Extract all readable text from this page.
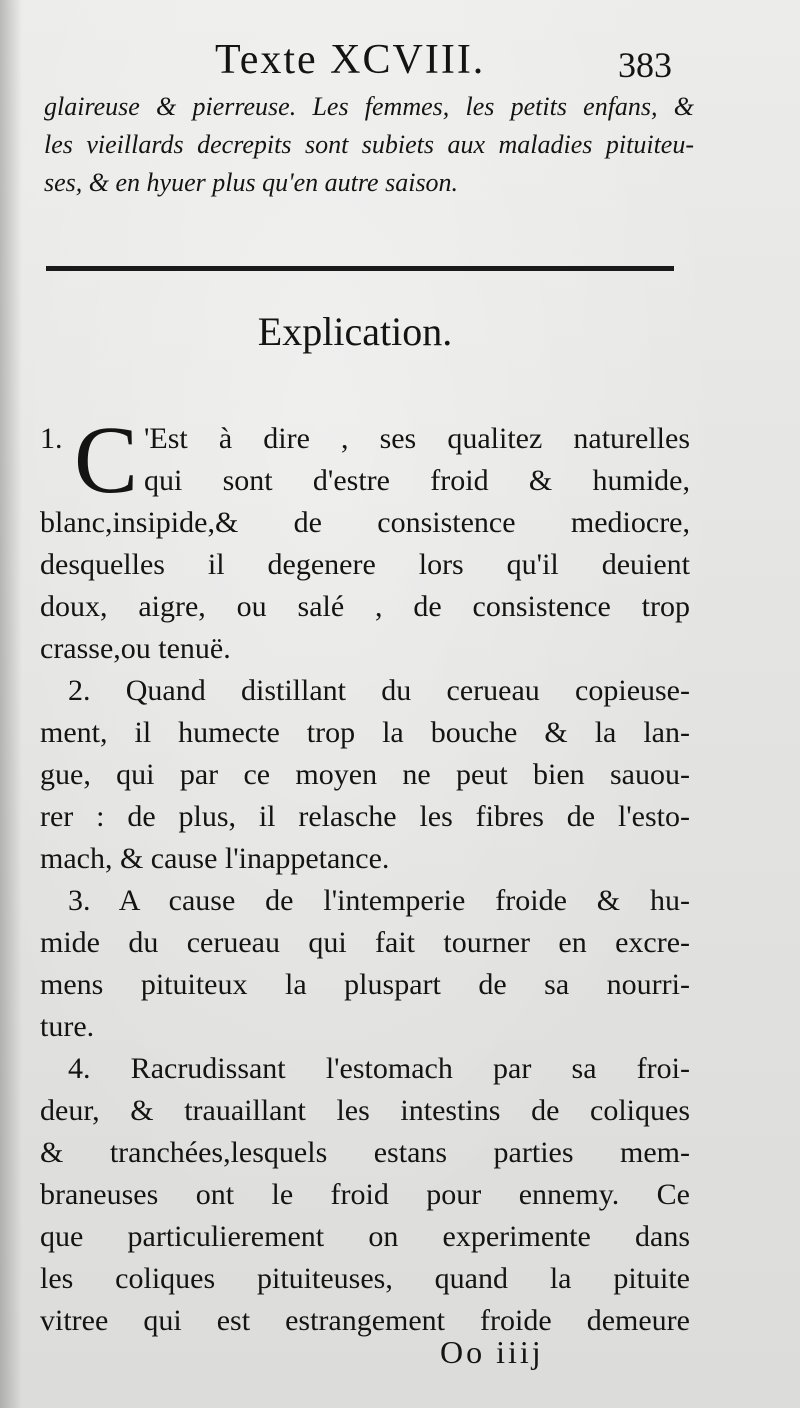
Texte XCVIII.	383
glaireuse & pierreuse. Les femmes, les petits enfans, &
les vieillards decrepits sont subiets aux maladies pituiteu-
ses, & en hyuer plus qu'en autre saison.
Explication.
1. C 'Est à dire , ses qualitez naturelles
qui sont d'estre froid & humide,
blanc,insipide,& de consistence mediocre,
desquelles il degenere lors qu'il deuient
doux, aigre, ou salé , de consistence trop
crasse,ou tenuë.
2. Quand distillant du cerueau copieuse-
ment, il humecte trop la bouche & la lan-
gue, qui par ce moyen ne peut bien sauou-
rer : de plus, il relasche les fibres de l'esto-
mach, & cause l'inappetance.
3. A cause de l'intemperie froide & hu-
mide du cerueau qui fait tourner en excre-
mens pituiteux la pluspart de sa nourri-
ture.
4. Racrudissant l'estomach par sa froi-
deur, & trauaillant les intestins de coliques
& tranchées,lesquels estans parties mem-
braneuses ont le froid pour ennemy. Ce
que particulierement on experimente dans
les coliques pituiteuses, quand la pituite
vitree qui est estrangement froide demeure
Oo iiij
